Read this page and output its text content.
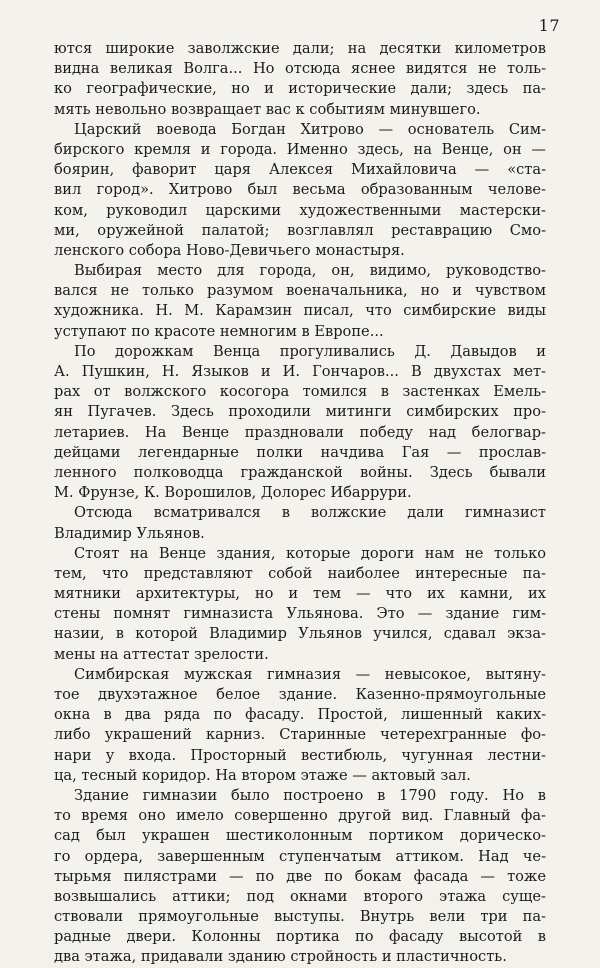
17
ются широкие заволжские дали; на десятки километров
видна великая Волга... Но отсюда яснее видятся не толь-
ко географические, но и историческиe дали; здесь па-
мять невольно возвращает вас к событиям минувшего.
Царский воевода Богдан Хитрово — основатель Сим-
бирского кремля и города. Именно здесь, на Венце, он —
боярин, фаворит царя Алексея Михайловича — «ста-
вил город». Хитрово был весьма образованным челове-
ком, руководил царскими художественными мастерски-
ми, оружейной палатой; возглавлял реставрацию Смо-
ленского собора Ново-Девичьего монастыря.
Выбирая место для города, он, видимо, руководство-
вался не только разумом военачальника, но и чувством
художника. Н. М. Карамзин писал, что симбирские виды
уступают по красоте немногим в Европе...
По дорожкам Венца прогуливались Д. Давыдов и
А. Пушкин, Н. Языков и И. Гончаров... В двухстах мет-
рах от волжского косогора томился в застенках Емель-
ян Пугачев. Здесь проходили митинги симбирских про-
летариев. На Венце праздновали победу над белогвар-
дейцами легендарные полки начдива Гая — прослав-
ленного полководца гражданской войны. Здесь бывали
М. Фрунзе, К. Ворошилов, Долорес Ибаррури.
Отсюда всматривался в волжские дали гимназист
Владимир Ульянов.
Стоят на Венце здания, которые дороги нам не только
тем, что представляют собой наиболее интересные па-
мятники архитектуры, но и тем — что их камни, их
стены помнят гимназиста Ульянова. Это — здание гим-
назии, в которой Владимир Ульянов учился, сдавал экза-
мены на аттестат зрелости.
Симбирская мужская гимназия — невысокое, вытяну-
тое двухэтажное белое здание. Казенно-прямоугольные
окна в два ряда по фасаду. Простой, лишенный каких-
либо украшений карниз. Старинные четерехгранные фо-
нари у входа. Просторный вестибюль, чугунная лестни-
ца, тесный коридор. На втором этаже — актовый зал.
Здание гимназии было построено в 1790 году. Но в
то время оно имело совершенно другой вид. Главный фа-
сад был украшен шестиколонным портиком дорическо-
го ордера, завершенным ступенчатым аттиком. Над че-
тырьмя пилястрами — по две по бокам фасада — тоже
возвышались аттики; под окнами второго этажа суще-
ствовали прямоугольные выступы. Внутрь вели три па-
радные двери. Колонны портика по фасаду высотой в
два этажа, придавали зданию стройность и пластичность.
